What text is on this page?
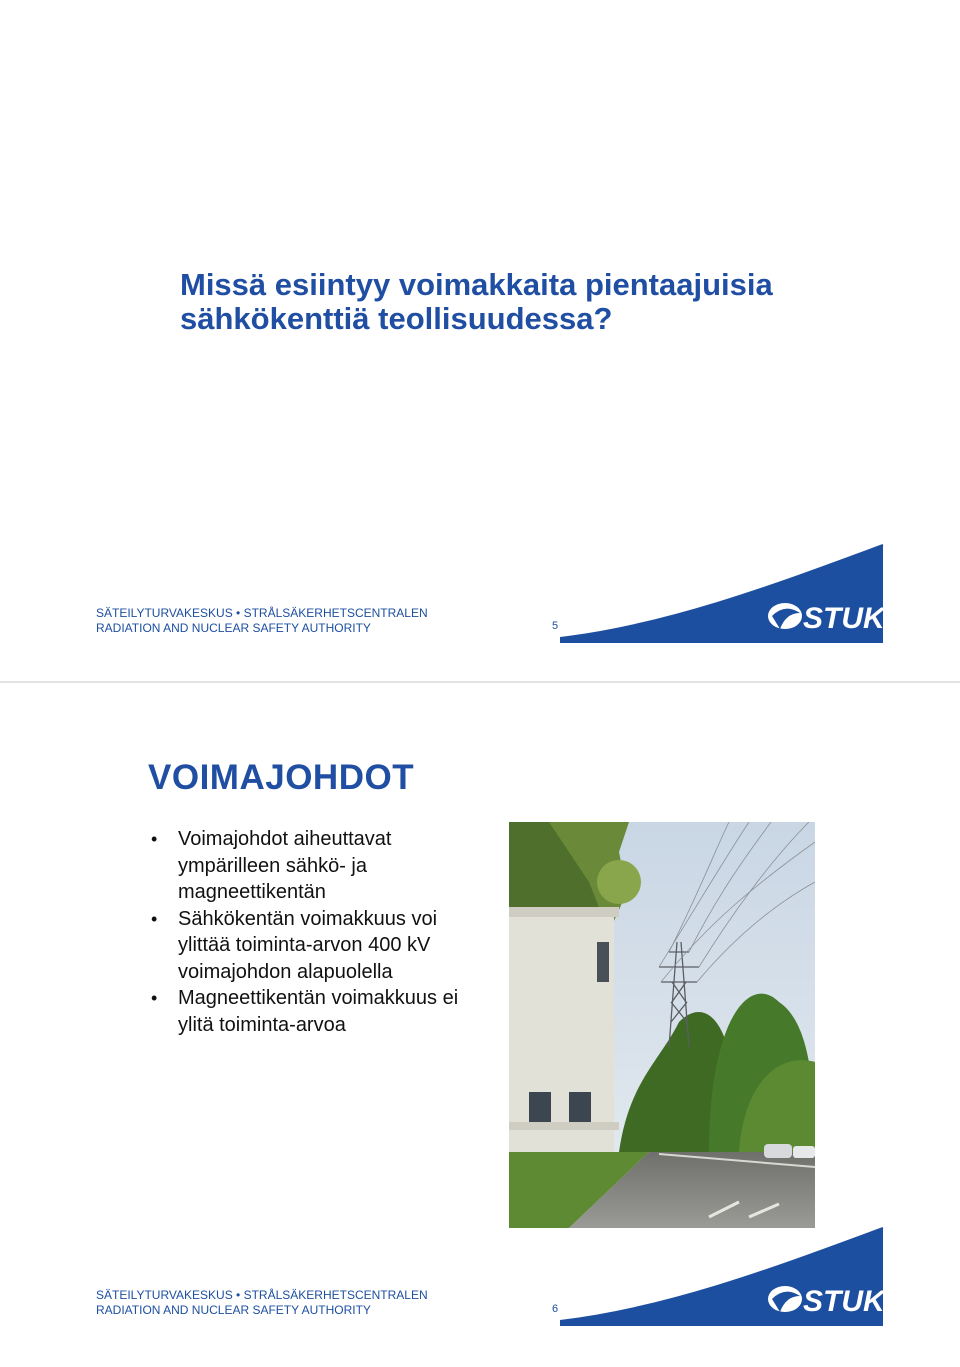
Missä esiintyy voimakkaita pientaajuisia
sähkökenttiä teollisuudessa?
SÄTEILYTURVAKESKUS • STRÅLSÄKERHETSCENTRALEN
RADIATION AND NUCLEAR SAFETY AUTHORITY	5	STUK
VOIMAJOHDOT
• Voimajohdot aiheuttavat ympärilleen sähkö- ja magneettikentän
• Sähkökentän voimakkuus voi ylittää toiminta-arvon 400 kV voimajohdon alapuolella
• Magneettikentän voimakkuus ei ylitä toiminta-arvoa
SÄTEILYTURVAKESKUS • STRÅLSÄKERHETSCENTRALEN
RADIATION AND NUCLEAR SAFETY AUTHORITY	6	STUK
